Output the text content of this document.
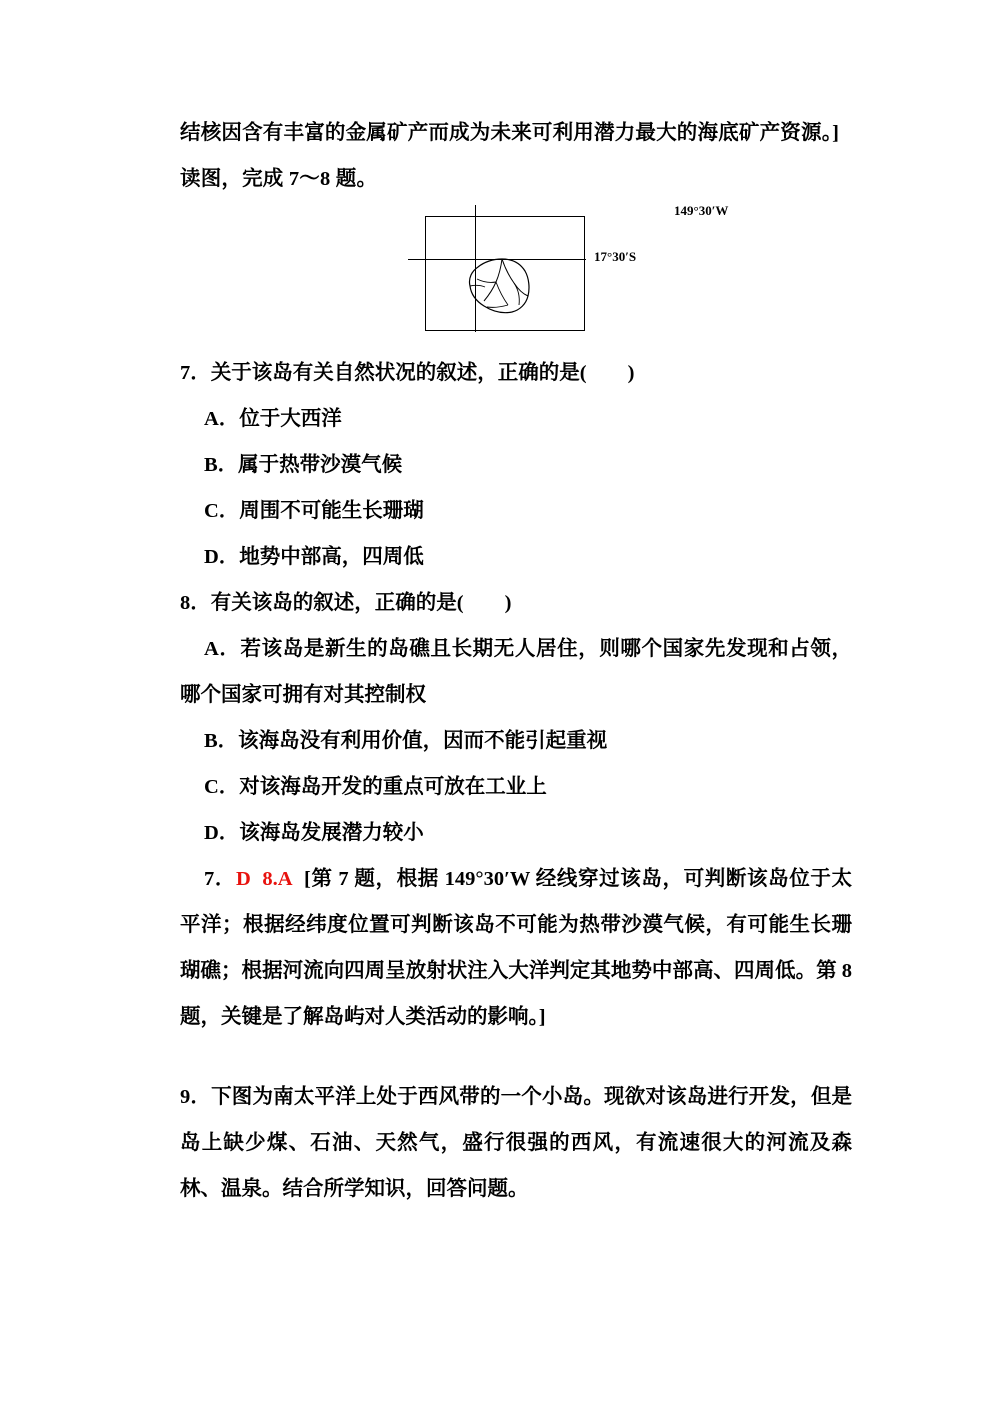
结核因含有丰富的金属矿产而成为未来可利用潜力最大的海底矿产资源。]
读图，完成 7～8 题。
149°30′W
17°30′S
7．关于该岛有关自然状况的叙述，正确的是(　　)
A．位于大西洋
B．属于热带沙漠气候
C．周围不可能生长珊瑚
D．地势中部高，四周低
8．有关该岛的叙述，正确的是(　　)
A．若该岛是新生的岛礁且长期无人居住，则哪个国家先发现和占领，哪个国家可拥有对其控制权
B．该海岛没有利用价值，因而不能引起重视
C．对该海岛开发的重点可放在工业上
D．该海岛发展潜力较小
7．D 8.A [第 7 题，根据 149°30′W 经线穿过该岛，可判断该岛位于太平洋；根据经纬度位置可判断该岛不可能为热带沙漠气候，有可能生长珊瑚礁；根据河流向四周呈放射状注入大洋判定其地势中部高、四周低。第 8 题，关键是了解岛屿对人类活动的影响。]
9．下图为南太平洋上处于西风带的一个小岛。现欲对该岛进行开发，但是岛上缺少煤、石油、天然气，盛行很强的西风，有流速很大的河流及森林、温泉。结合所学知识，回答问题。
